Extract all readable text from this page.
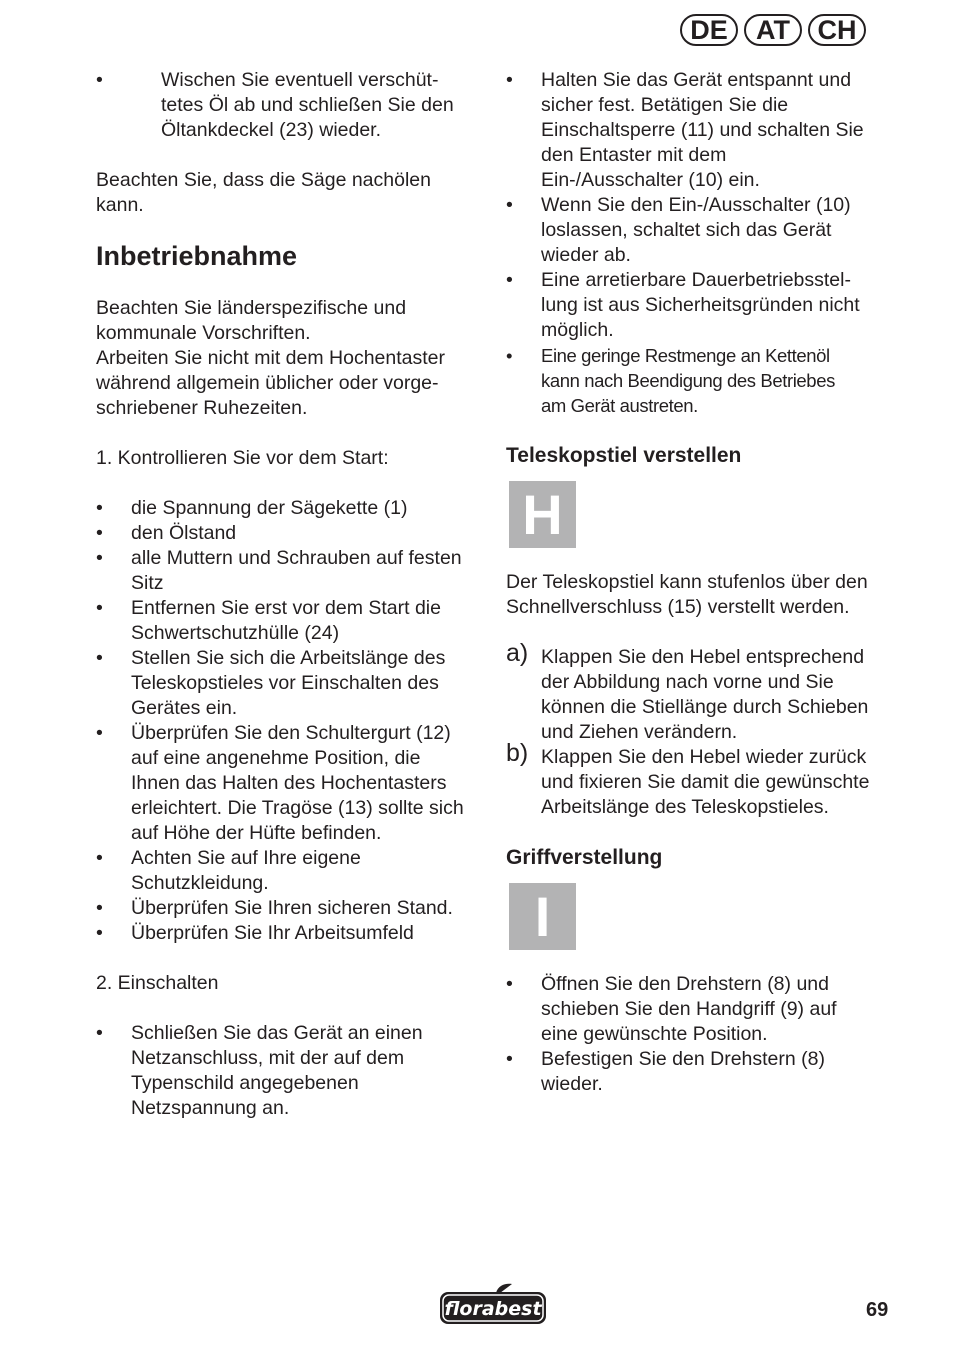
DE	AT	CH
•	Wischen Sie eventuell verschüt-
tetes Öl ab und schließen Sie den
Öltankdeckel (23) wieder.

Beachten Sie, dass die Säge nachölen
kann.

Inbetriebnahme

Beachten Sie länderspezifische und
kommunale Vorschriften.

Arbeiten Sie nicht mit dem Hochentaster
während allgemein üblicher oder vorge-
schriebener Ruhezeiten.

1. Kontrollieren Sie vor dem Start:

• die Spannung der Sägekette (1)
• den Ölstand
• alle Muttern und Schrauben auf festen
Sitz
• Entfernen Sie erst vor dem Start die
Schwertschutzhülle (24)
• Stellen Sie sich die Arbeitslänge des
Teleskopstieles vor Einschalten des
Gerätes ein.
• Überprüfen Sie den Schultergurt (12)
auf eine angenehme Position, die
Ihnen das Halten des Hochentasters
erleichtert. Die Tragöse (13) sollte sich
auf Höhe der Hüfte befinden.
• Achten Sie auf Ihre eigene
Schutzkleidung.
• Überprüfen Sie Ihren sicheren Stand.
• Überprüfen Sie Ihr Arbeitsumfeld

2. Einschalten

• Schließen Sie das Gerät an einen
Netzanschluss, mit der auf dem
Typenschild angegebenen
Netzspannung an.
• Halten Sie das Gerät entspannt und
sicher fest. Betätigen Sie die
Einschaltsperre (11) und schalten Sie
den Entaster mit dem
Ein-/Ausschalter (10) ein.
• Wenn Sie den Ein-/Ausschalter (10)
loslassen, schaltet sich das Gerät
wieder ab.
• Eine arretierbare Dauerbetriebsstel-
lung ist aus Sicherheitsgründen nicht
möglich.
• Eine geringe Restmenge an Kettenöl
kann nach Beendigung des Betriebes
am Gerät austreten.
Teleskopstiel verstellen
H

Der Teleskopstiel kann stufenlos über den
Schnellverschluss (15) verstellt werden.

a) Klappen Sie den Hebel entsprechend
der Abbildung nach vorne und Sie
können die Stiellänge durch Schieben
und Ziehen verändern.
b) Klappen Sie den Hebel wieder zurück
und fixieren Sie damit die gewünschte
Arbeitslänge des Teleskopstieles.
Griffverstellung
I
• Öffnen Sie den Drehstern (8) und
schieben Sie den Handgriff (9) auf
eine gewünschte Position.
• Befestigen Sie den Drehstern (8)
wieder.
florabest	69
